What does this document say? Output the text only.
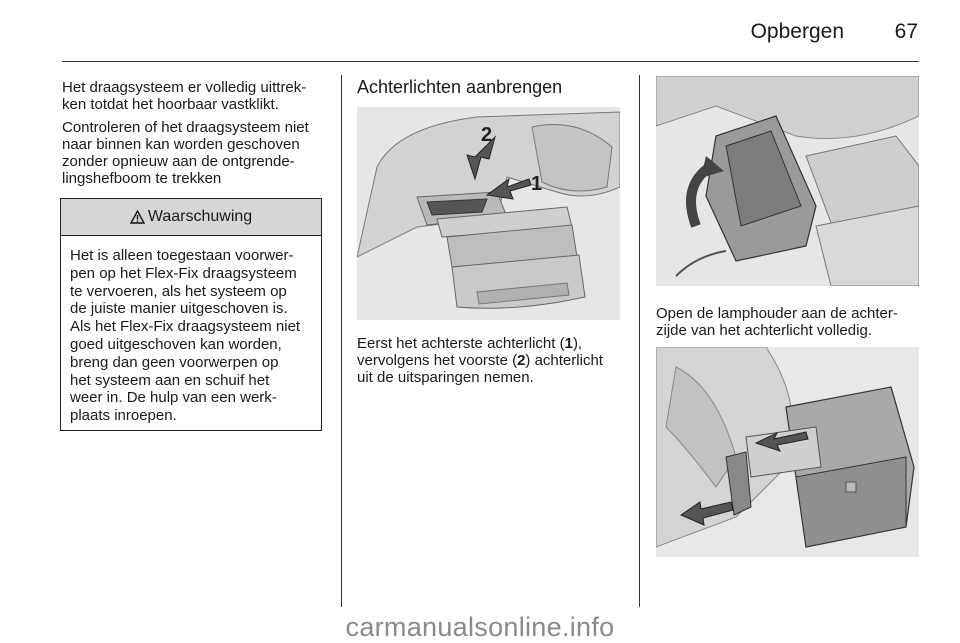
Opbergen 67

Het draagsysteem er volledig uittrek-
ken totdat het hoorbaar vastklikt.

Controleren of het draagsysteem niet
naar binnen kan worden geschoven
zonder opnieuw aan de ontgrende-
lingshefboom te trekken

Waarschuwing
Het is alleen toegestaan voorwer-
pen op het Flex-Fix draagsysteem
te vervoeren, als het systeem op
de juiste manier uitgeschoven is.
Als het Flex-Fix draagsysteem niet
goed uitgeschoven kan worden,
breng dan geen voorwerpen op
het systeem aan en schuif het
weer in. De hulp van een werk-
plaats inroepen.
Achterlichten aanbrengen
2
1
Eerst het achterste achterlicht (1),
vervolgens het voorste (2) achterlicht
uit de uitsparingen nemen.
Open de lamphouder aan de achter-
zijde van het achterlicht volledig.
carmanualsonline.info
